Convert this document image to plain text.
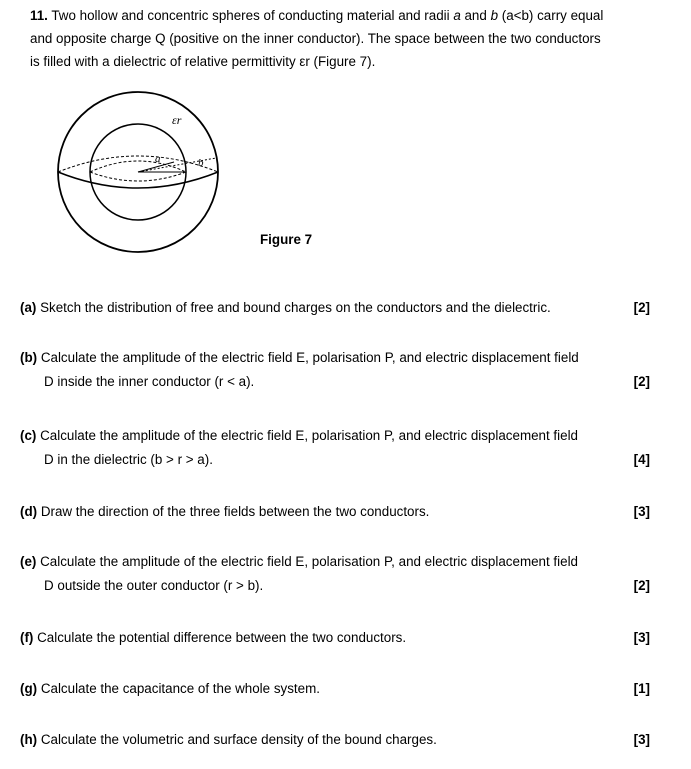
11. Two hollow and concentric spheres of conducting material and radii a and b (a<b) carry equal
and opposite charge Q (positive on the inner conductor). The space between the two conductors
is filled with a dielectric of relative permittivity εr (Figure 7).
εr
a	b
Figure 7
(a) Sketch the distribution of free and bound charges on the conductors and the dielectric.	[2]
(b) Calculate the amplitude of the electric field E, polarisation P, and electric displacement field
D inside the inner conductor (r < a).	[2]
(c) Calculate the amplitude of the electric field E, polarisation P, and electric displacement field
D in the dielectric (b > r > a).	[4]
(d) Draw the direction of the three fields between the two conductors.	[3]
(e) Calculate the amplitude of the electric field E, polarisation P, and electric displacement field
D outside the outer conductor (r > b).	[2]
(f) Calculate the potential difference between the two conductors.	[3]
(g) Calculate the capacitance of the whole system.	[1]
(h) Calculate the volumetric and surface density of the bound charges.	[3]
